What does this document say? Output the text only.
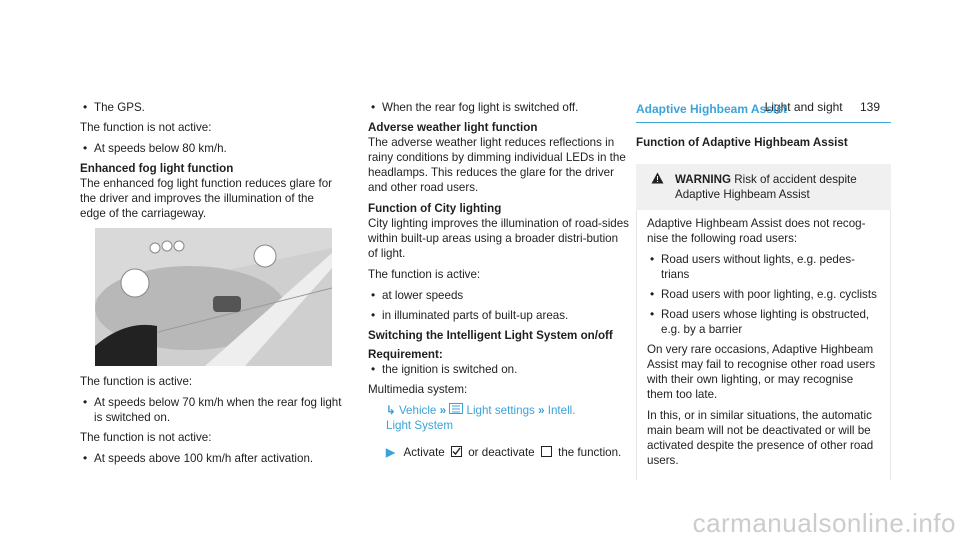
Light and sight 139
• The GPS.

The function is not active:

• At speeds below 80 km/h.

Enhanced fog light function

The enhanced fog light function reduces glare for the driver and improves the illumination of the edge of the carriageway.

The function is active:

• At speeds below 70 km/h when the rear fog light is switched on.

The function is not active:

• At speeds above 100 km/h after activation.
• When the rear fog light is switched off.

Adverse weather light function

The adverse weather light reduces reflections in rainy conditions by dimming individual LEDs in the headlamps. This reduces the glare for the driver and other road users.

Function of City lighting

City lighting improves the illumination of road-sides within built-up areas using a broader distri-bution of light.

The function is active:

• at lower speeds
• in illuminated parts of built-up areas.

Switching the Intelligent Light System on/off

Requirement:

• the ignition is switched on.

Multimedia system:

↳ Vehicle » Light settings » Intell.
Light System

▶ Activate or deactivate the function.

Adaptive Highbeam Assist

Function of Adaptive Highbeam Assist

WARNING Risk of accident despite
Adaptive Highbeam Assist

Adaptive Highbeam Assist does not recog-nise the following road users:

• Road users without lights, e.g. pedes-trians
• Road users with poor lighting, e.g. cyclists
• Road users whose lighting is obstructed, e.g. by a barrier

On very rare occasions, Adaptive Highbeam Assist may fail to recognise other road users with their own lighting, or may recognise them too late.

In this, or in similar situations, the automatic main beam will not be deactivated or will be activated despite the presence of other road users.

carmanualsonline.info
